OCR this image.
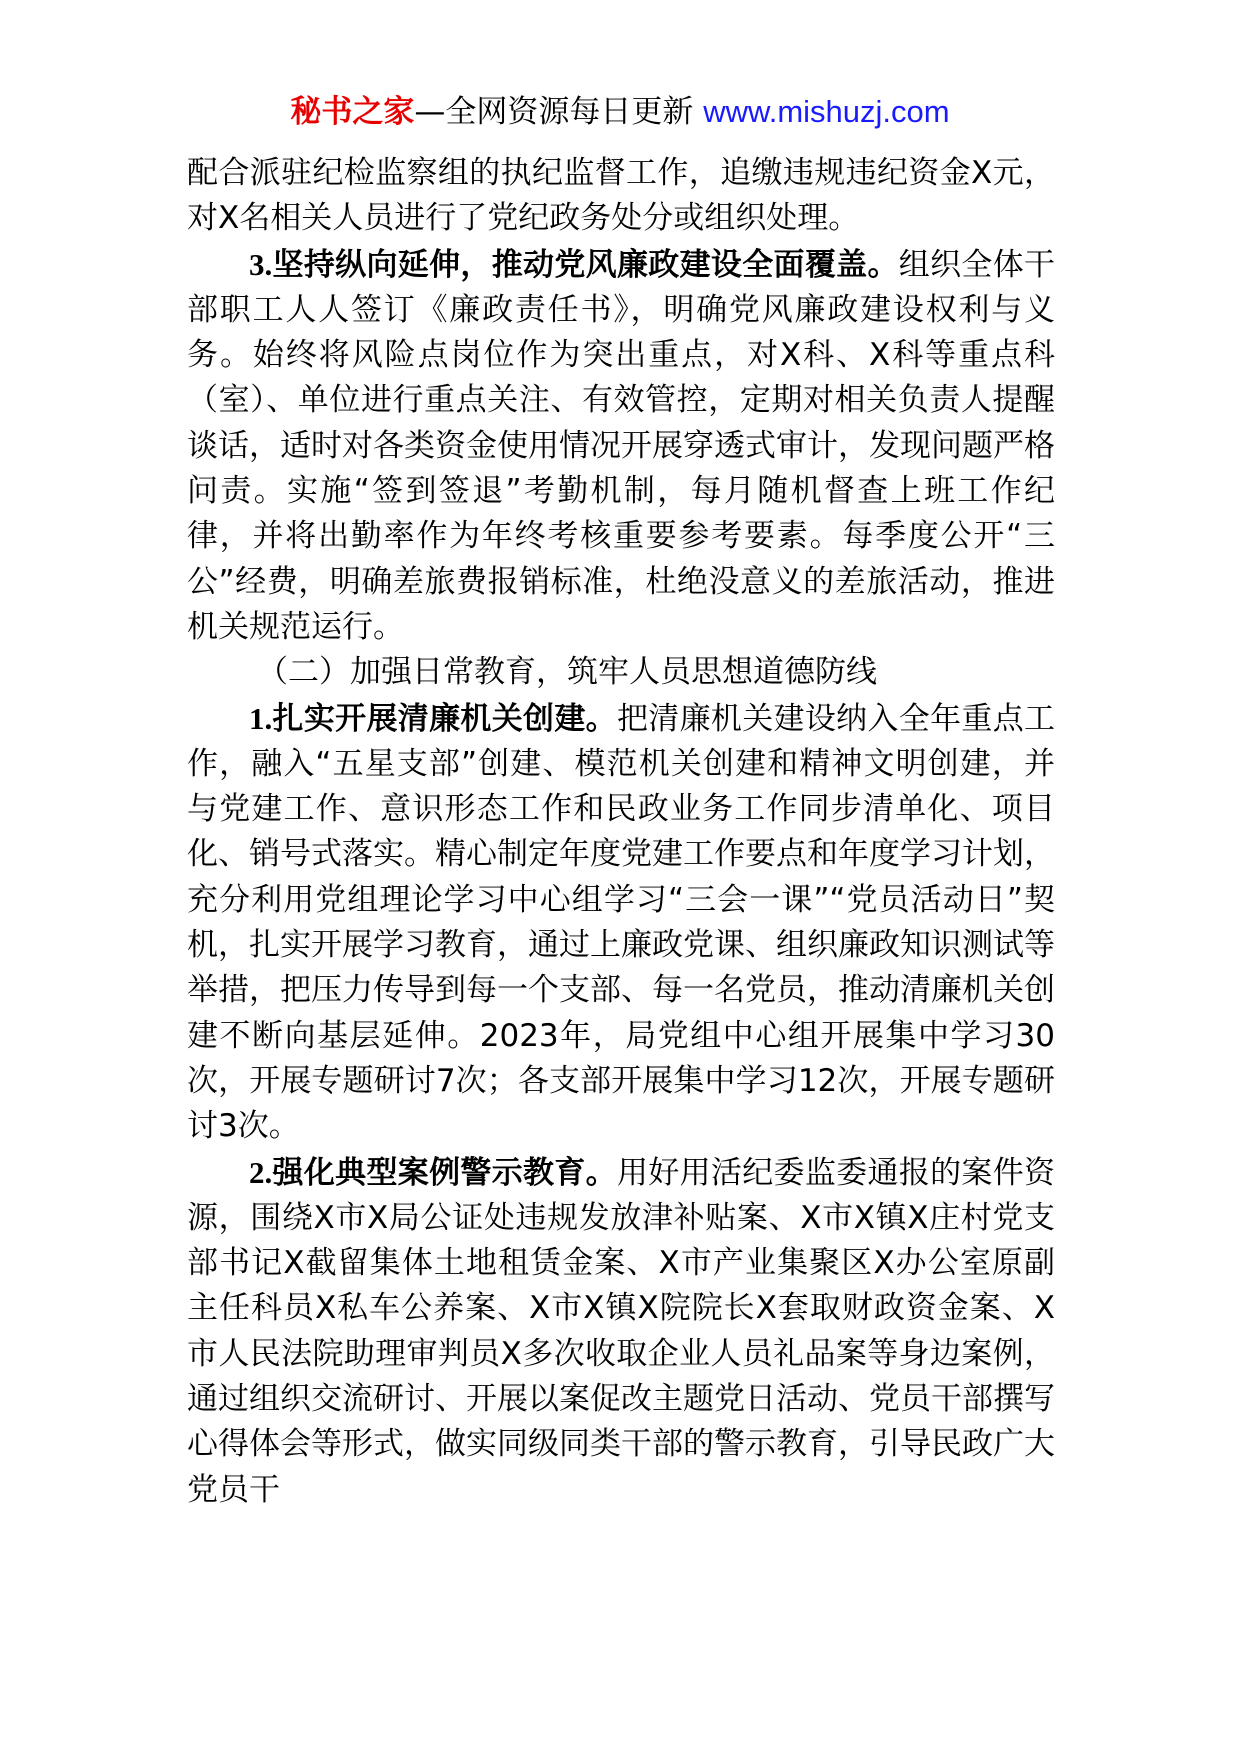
秘书之家—全网资源每日更新 www.mishuzj.com

配合派驻纪检监察组的执纪监督工作，追缴违规违纪资金X元，对X名相关人员进行了党纪政务处分或组织处理。

3.坚持纵向延伸，推动党风廉政建设全面覆盖。组织全体干部职工人人签订《廉政责任书》，明确党风廉政建设权利与义务。始终将风险点岗位作为突出重点，对X科、X科等重点科（室）、单位进行重点关注、有效管控，定期对相关负责人提醒谈话，适时对各类资金使用情况开展穿透式审计，发现问题严格问责。实施“签到签退”考勤机制，每月随机督查上班工作纪律，并将出勤率作为年终考核重要参考要素。每季度公开“三公”经费，明确差旅费报销标准，杜绝没意义的差旅活动，推进机关规范运行。

（二）加强日常教育，筑牢人员思想道德防线

1.扎实开展清廉机关创建。把清廉机关建设纳入全年重点工作，融入“五星支部”创建、模范机关创建和精神文明创建，并与党建工作、意识形态工作和民政业务工作同步清单化、项目化、销号式落实。精心制定年度党建工作要点和年度学习计划，充分利用党组理论学习中心组学习“三会一课”“党员活动日”契机，扎实开展学习教育，通过上廉政党课、组织廉政知识测试等举措，把压力传导到每一个支部、每一名党员，推动清廉机关创建不断向基层延伸。2023年，局党组中心组开展集中学习30次，开展专题研讨7次；各支部开展集中学习12次，开展专题研讨3次。

2.强化典型案例警示教育。用好用活纪委监委通报的案件资源，围绕X市X局公证处违规发放津补贴案、X市X镇X庄村党支部书记X截留集体土地租赁金案、X市产业集聚区X办公室原副主任科员X私车公养案、X市X镇X院院长X套取财政资金案、X市人民法院助理审判员X多次收取企业人员礼品案等身边案例，通过组织交流研讨、开展以案促改主题党日活动、党员干部撰写心得体会等形式，做实同级同类干部的警示教育，引导民政广大党员干
